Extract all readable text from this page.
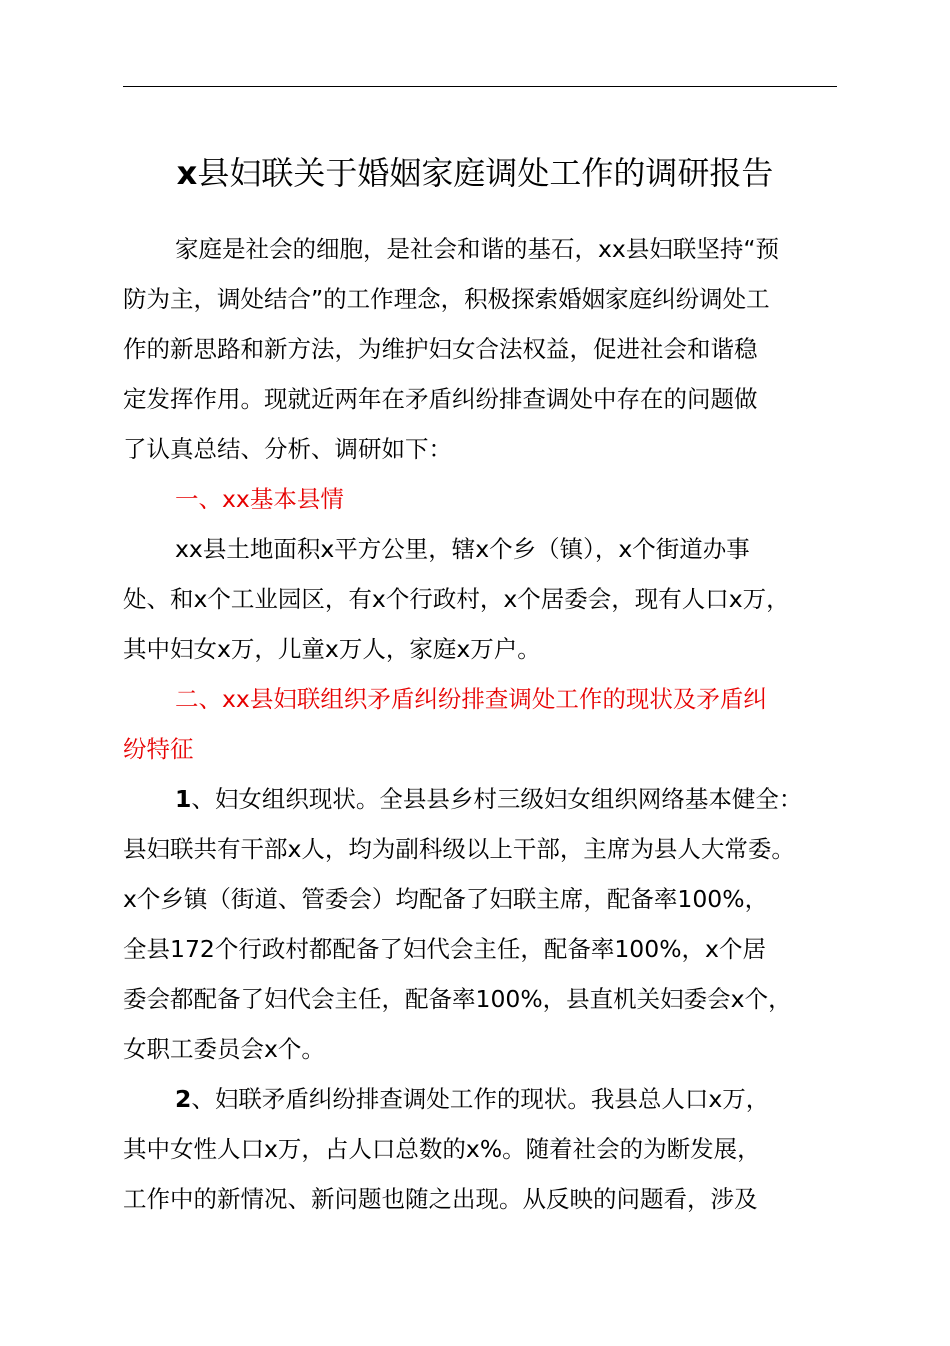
x县妇联关于婚姻家庭调处工作的调研报告
家庭是社会的细胞，是社会和谐的基石，xx县妇联坚持“预
防为主，调处结合”的工作理念，积极探索婚姻家庭纠纷调处工
作的新思路和新方法，为维护妇女合法权益，促进社会和谐稳
定发挥作用。现就近两年在矛盾纠纷排查调处中存在的问题做
了认真总结、分析、调研如下：
一、xx基本县情
xx县土地面积x平方公里，辖x个乡（镇），x个街道办事
处、和x个工业园区，有x个行政村，x个居委会，现有人口x万，
其中妇女x万，儿童x万人，家庭x万户。
二、xx县妇联组织矛盾纠纷排查调处工作的现状及矛盾纠
纷特征
1、妇女组织现状。全县县乡村三级妇女组织网络基本健全：
县妇联共有干部x人，均为副科级以上干部，主席为县人大常委。
x个乡镇（街道、管委会）均配备了妇联主席，配备率100%，
全县172个行政村都配备了妇代会主任，配备率100%，x个居
委会都配备了妇代会主任，配备率100%，县直机关妇委会x个，
女职工委员会x个。
2、妇联矛盾纠纷排查调处工作的现状。我县总人口x万，
其中女性人口x万，占人口总数的x%。随着社会的为断发展，
工作中的新情况、新问题也随之出现。从反映的问题看，涉及
